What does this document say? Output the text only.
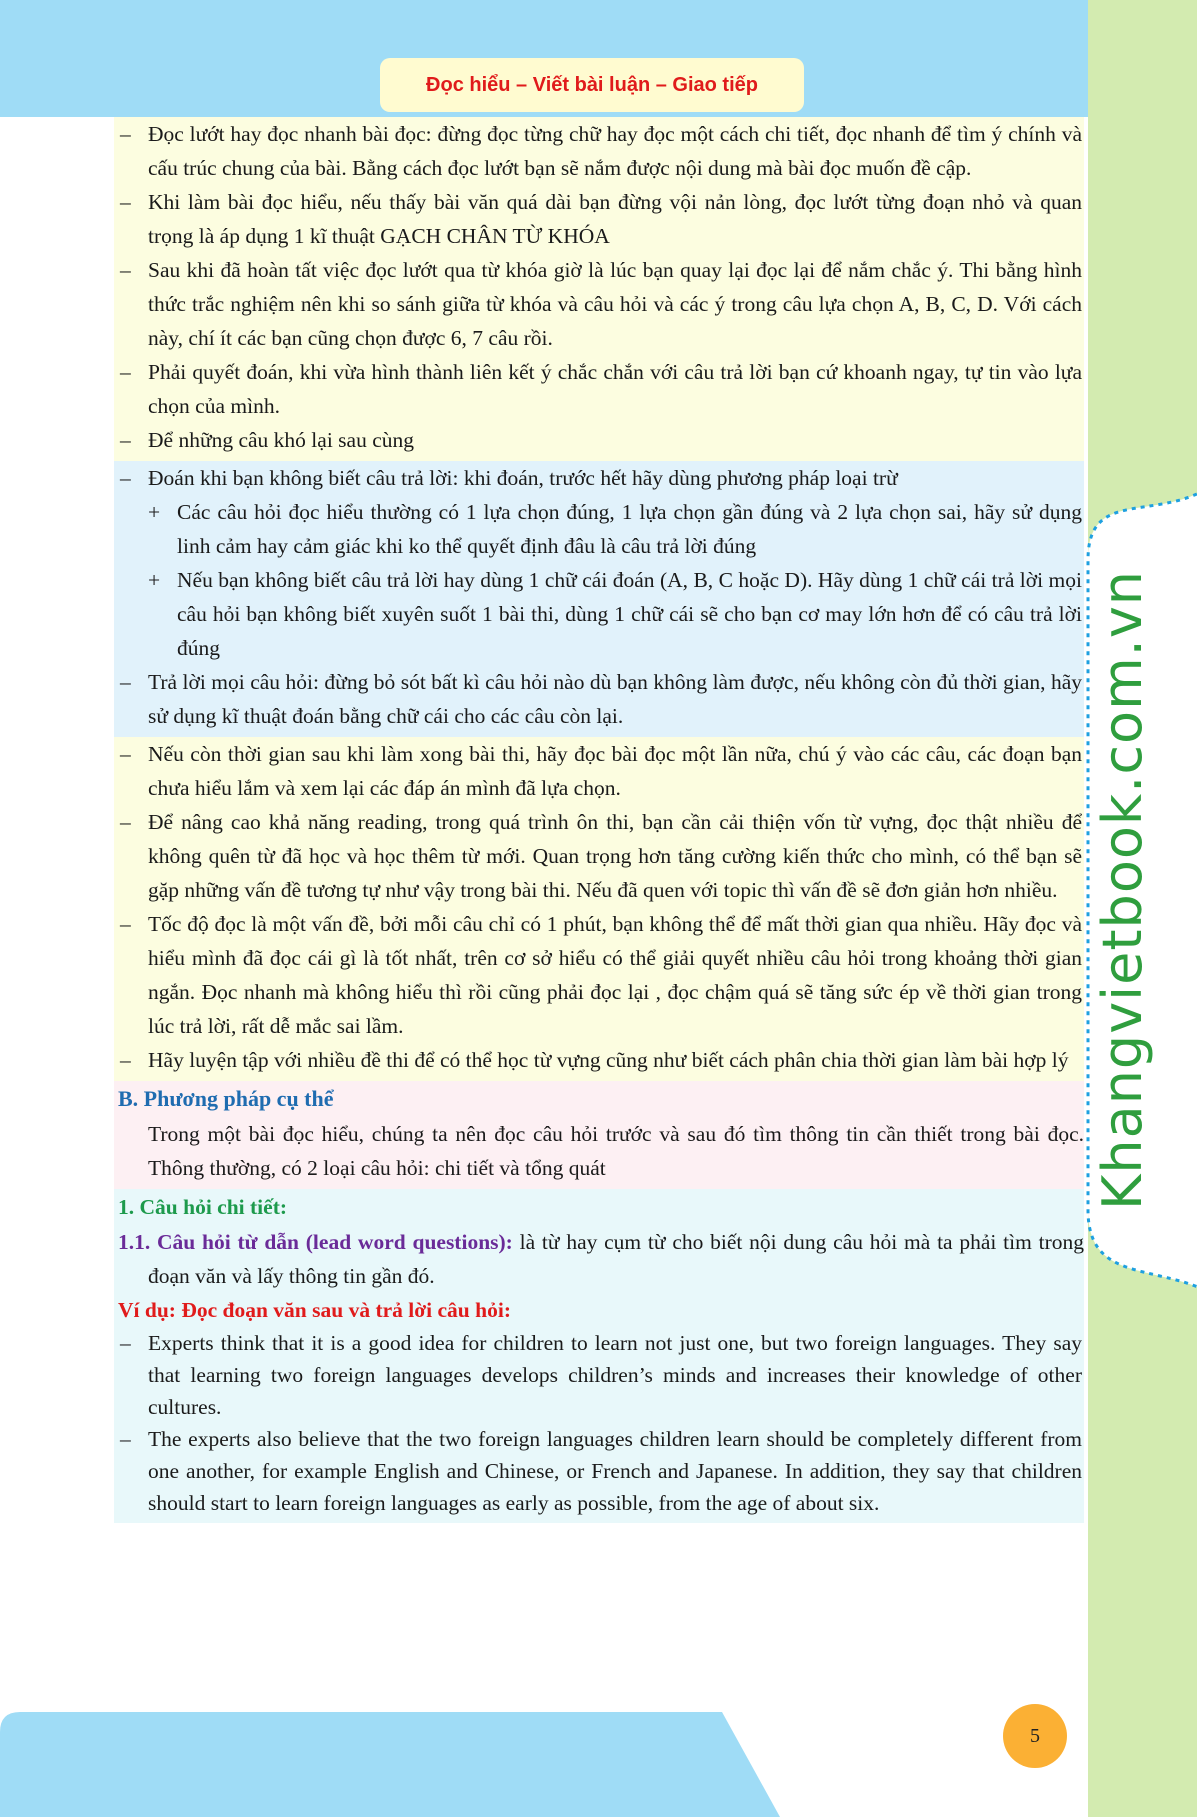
Đọc hiểu – Viết bài luận – Giao tiếp
Khangvietbook.com.vn
– Đọc lướt hay đọc nhanh bài đọc: đừng đọc từng chữ hay đọc một cách chi tiết, đọc nhanh để tìm ý chính và cấu trúc chung của bài. Bằng cách đọc lướt bạn sẽ nắm được nội dung mà bài đọc muốn đề cập.
– Khi làm bài đọc hiểu, nếu thấy bài văn quá dài bạn đừng vội nản lòng, đọc lướt từng đoạn nhỏ và quan trọng là áp dụng 1 kĩ thuật GẠCH CHÂN TỪ KHÓA
– Sau khi đã hoàn tất việc đọc lướt qua từ khóa giờ là lúc bạn quay lại đọc lại để nắm chắc ý. Thi bằng hình thức trắc nghiệm nên khi so sánh giữa từ khóa và câu hỏi và các ý trong câu lựa chọn A, B, C, D. Với cách này, chí ít các bạn cũng chọn được 6, 7 câu rồi.
– Phải quyết đoán, khi vừa hình thành liên kết ý chắc chắn với câu trả lời bạn cứ khoanh ngay, tự tin vào lựa chọn của mình.
– Để những câu khó lại sau cùng
– Đoán khi bạn không biết câu trả lời: khi đoán, trước hết hãy dùng phương pháp loại trừ
+ Các câu hỏi đọc hiểu thường có 1 lựa chọn đúng, 1 lựa chọn gần đúng và 2 lựa chọn sai, hãy sử dụng linh cảm hay cảm giác khi ko thể quyết định đâu là câu trả lời đúng
+ Nếu bạn không biết câu trả lời hay dùng 1 chữ cái đoán (A, B, C hoặc D). Hãy dùng 1 chữ cái trả lời mọi câu hỏi bạn không biết xuyên suốt 1 bài thi, dùng 1 chữ cái sẽ cho bạn cơ may lớn hơn để có câu trả lời đúng
– Trả lời mọi câu hỏi: đừng bỏ sót bất kì câu hỏi nào dù bạn không làm được, nếu không còn đủ thời gian, hãy sử dụng kĩ thuật đoán bằng chữ cái cho các câu còn lại.
– Nếu còn thời gian sau khi làm xong bài thi, hãy đọc bài đọc một lần nữa, chú ý vào các câu, các đoạn bạn chưa hiểu lắm và xem lại các đáp án mình đã lựa chọn.
– Để nâng cao khả năng reading, trong quá trình ôn thi, bạn cần cải thiện vốn từ vựng, đọc thật nhiều để không quên từ đã học và học thêm từ mới. Quan trọng hơn tăng cường kiến thức cho mình, có thể bạn sẽ gặp những vấn đề tương tự như vậy trong bài thi. Nếu đã quen với topic thì vấn đề sẽ đơn giản hơn nhiều.
– Tốc độ đọc là một vấn đề, bởi mỗi câu chỉ có 1 phút, bạn không thể để mất thời gian qua nhiều. Hãy đọc và hiểu mình đã đọc cái gì là tốt nhất, trên cơ sở hiểu có thể giải quyết nhiều câu hỏi trong khoảng thời gian ngắn. Đọc nhanh mà không hiểu thì rồi cũng phải đọc lại , đọc chậm quá sẽ tăng sức ép về thời gian trong lúc trả lời, rất dễ mắc sai lầm.
– Hãy luyện tập với nhiều đề thi để có thể học từ vựng cũng như biết cách phân chia thời gian làm bài hợp lý
B. Phương pháp cụ thể
Trong một bài đọc hiểu, chúng ta nên đọc câu hỏi trước và sau đó tìm thông tin cần thiết trong bài đọc. Thông thường, có 2 loại câu hỏi: chi tiết và tổng quát
1. Câu hỏi chi tiết:
1.1. Câu hỏi từ dẫn (lead word questions): là từ hay cụm từ cho biết nội dung câu hỏi mà ta phải tìm trong đoạn văn và lấy thông tin gần đó.
Ví dụ: Đọc đoạn văn sau và trả lời câu hỏi:
– Experts think that it is a good idea for children to learn not just one, but two foreign languages. They say that learning two foreign languages develops children’s minds and increases their knowledge of other cultures.
– The experts also believe that the two foreign languages children learn should be completely different from one another, for example English and Chinese, or French and Japanese. In addition, they say that children should start to learn foreign languages as early as possible, from the age of about six.
5
